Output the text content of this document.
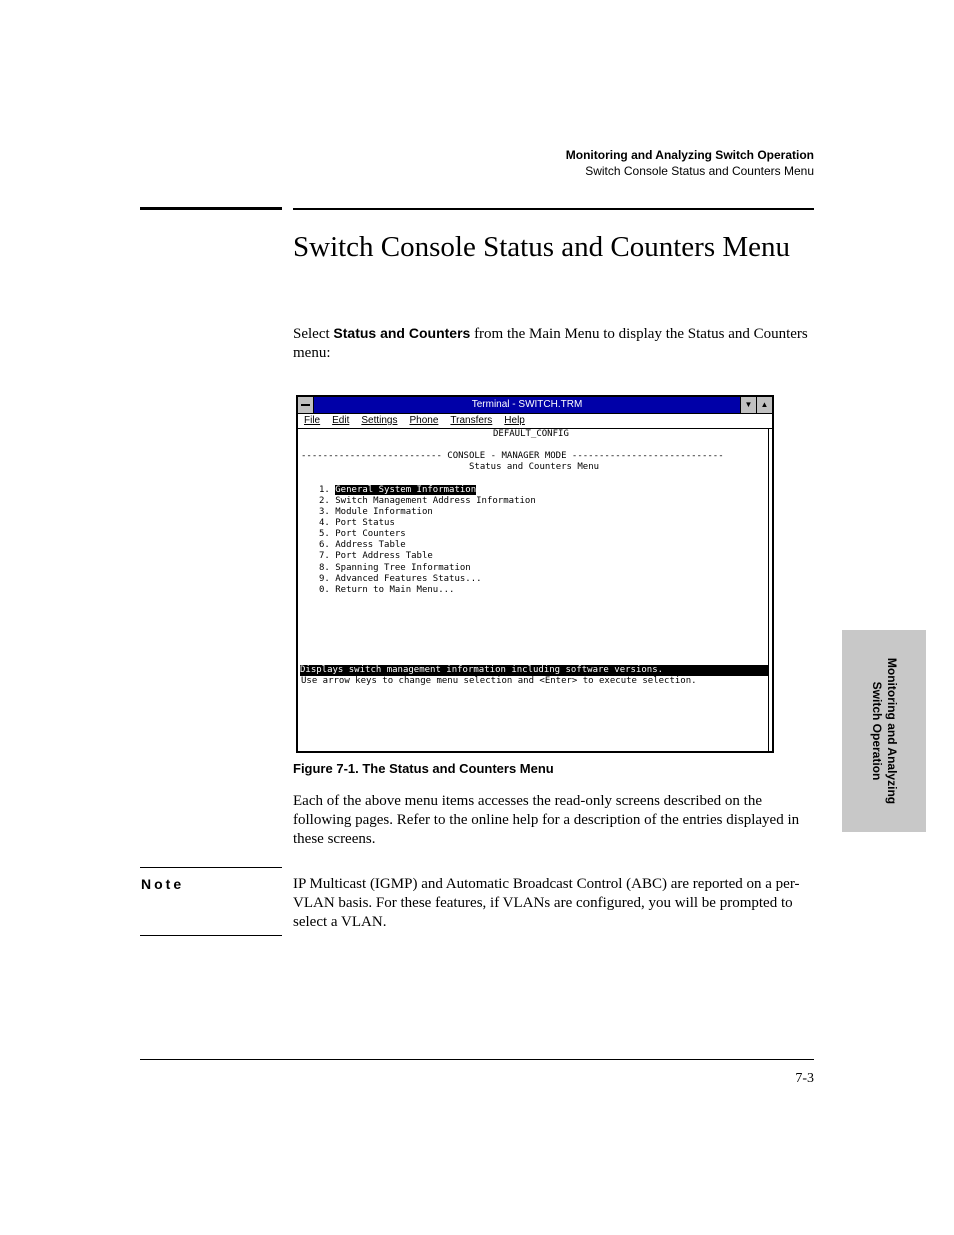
Monitoring and Analyzing Switch Operation
Switch Console Status and Counters Menu
Switch Console Status and Counters Menu

Select Status and Counters from the Main Menu to display the Status and Counters menu:

Terminal - SWITCH.TRM	▼	▲
File Edit Settings Phone Transfers Help
DEFAULT_CONFIG
-------------------------- CONSOLE - MANAGER MODE ----------------------------
Status and Counters Menu
1. General System Information
2. Switch Management Address Information
3. Module Information
4. Port Status
5. Port Counters
6. Address Table
7. Port Address Table
8. Spanning Tree Information
9. Advanced Features Status...
0. Return to Main Menu...
Displays switch management information including software versions.
Use arrow keys to change menu selection and <Enter> to execute selection.
Figure 7-1. The Status and Counters Menu

Each of the above menu items accesses the read-only screens described on the following pages. Refer to the online help for a description of the entries displayed in these screens.

Note	IP Multicast (IGMP) and Automatic Broadcast Control (ABC) are reported on a per-VLAN basis. For these features, if VLANs are configured, you will be prompted to select a VLAN.

7-3
Monitoring and Analyzing
Switch Operation
